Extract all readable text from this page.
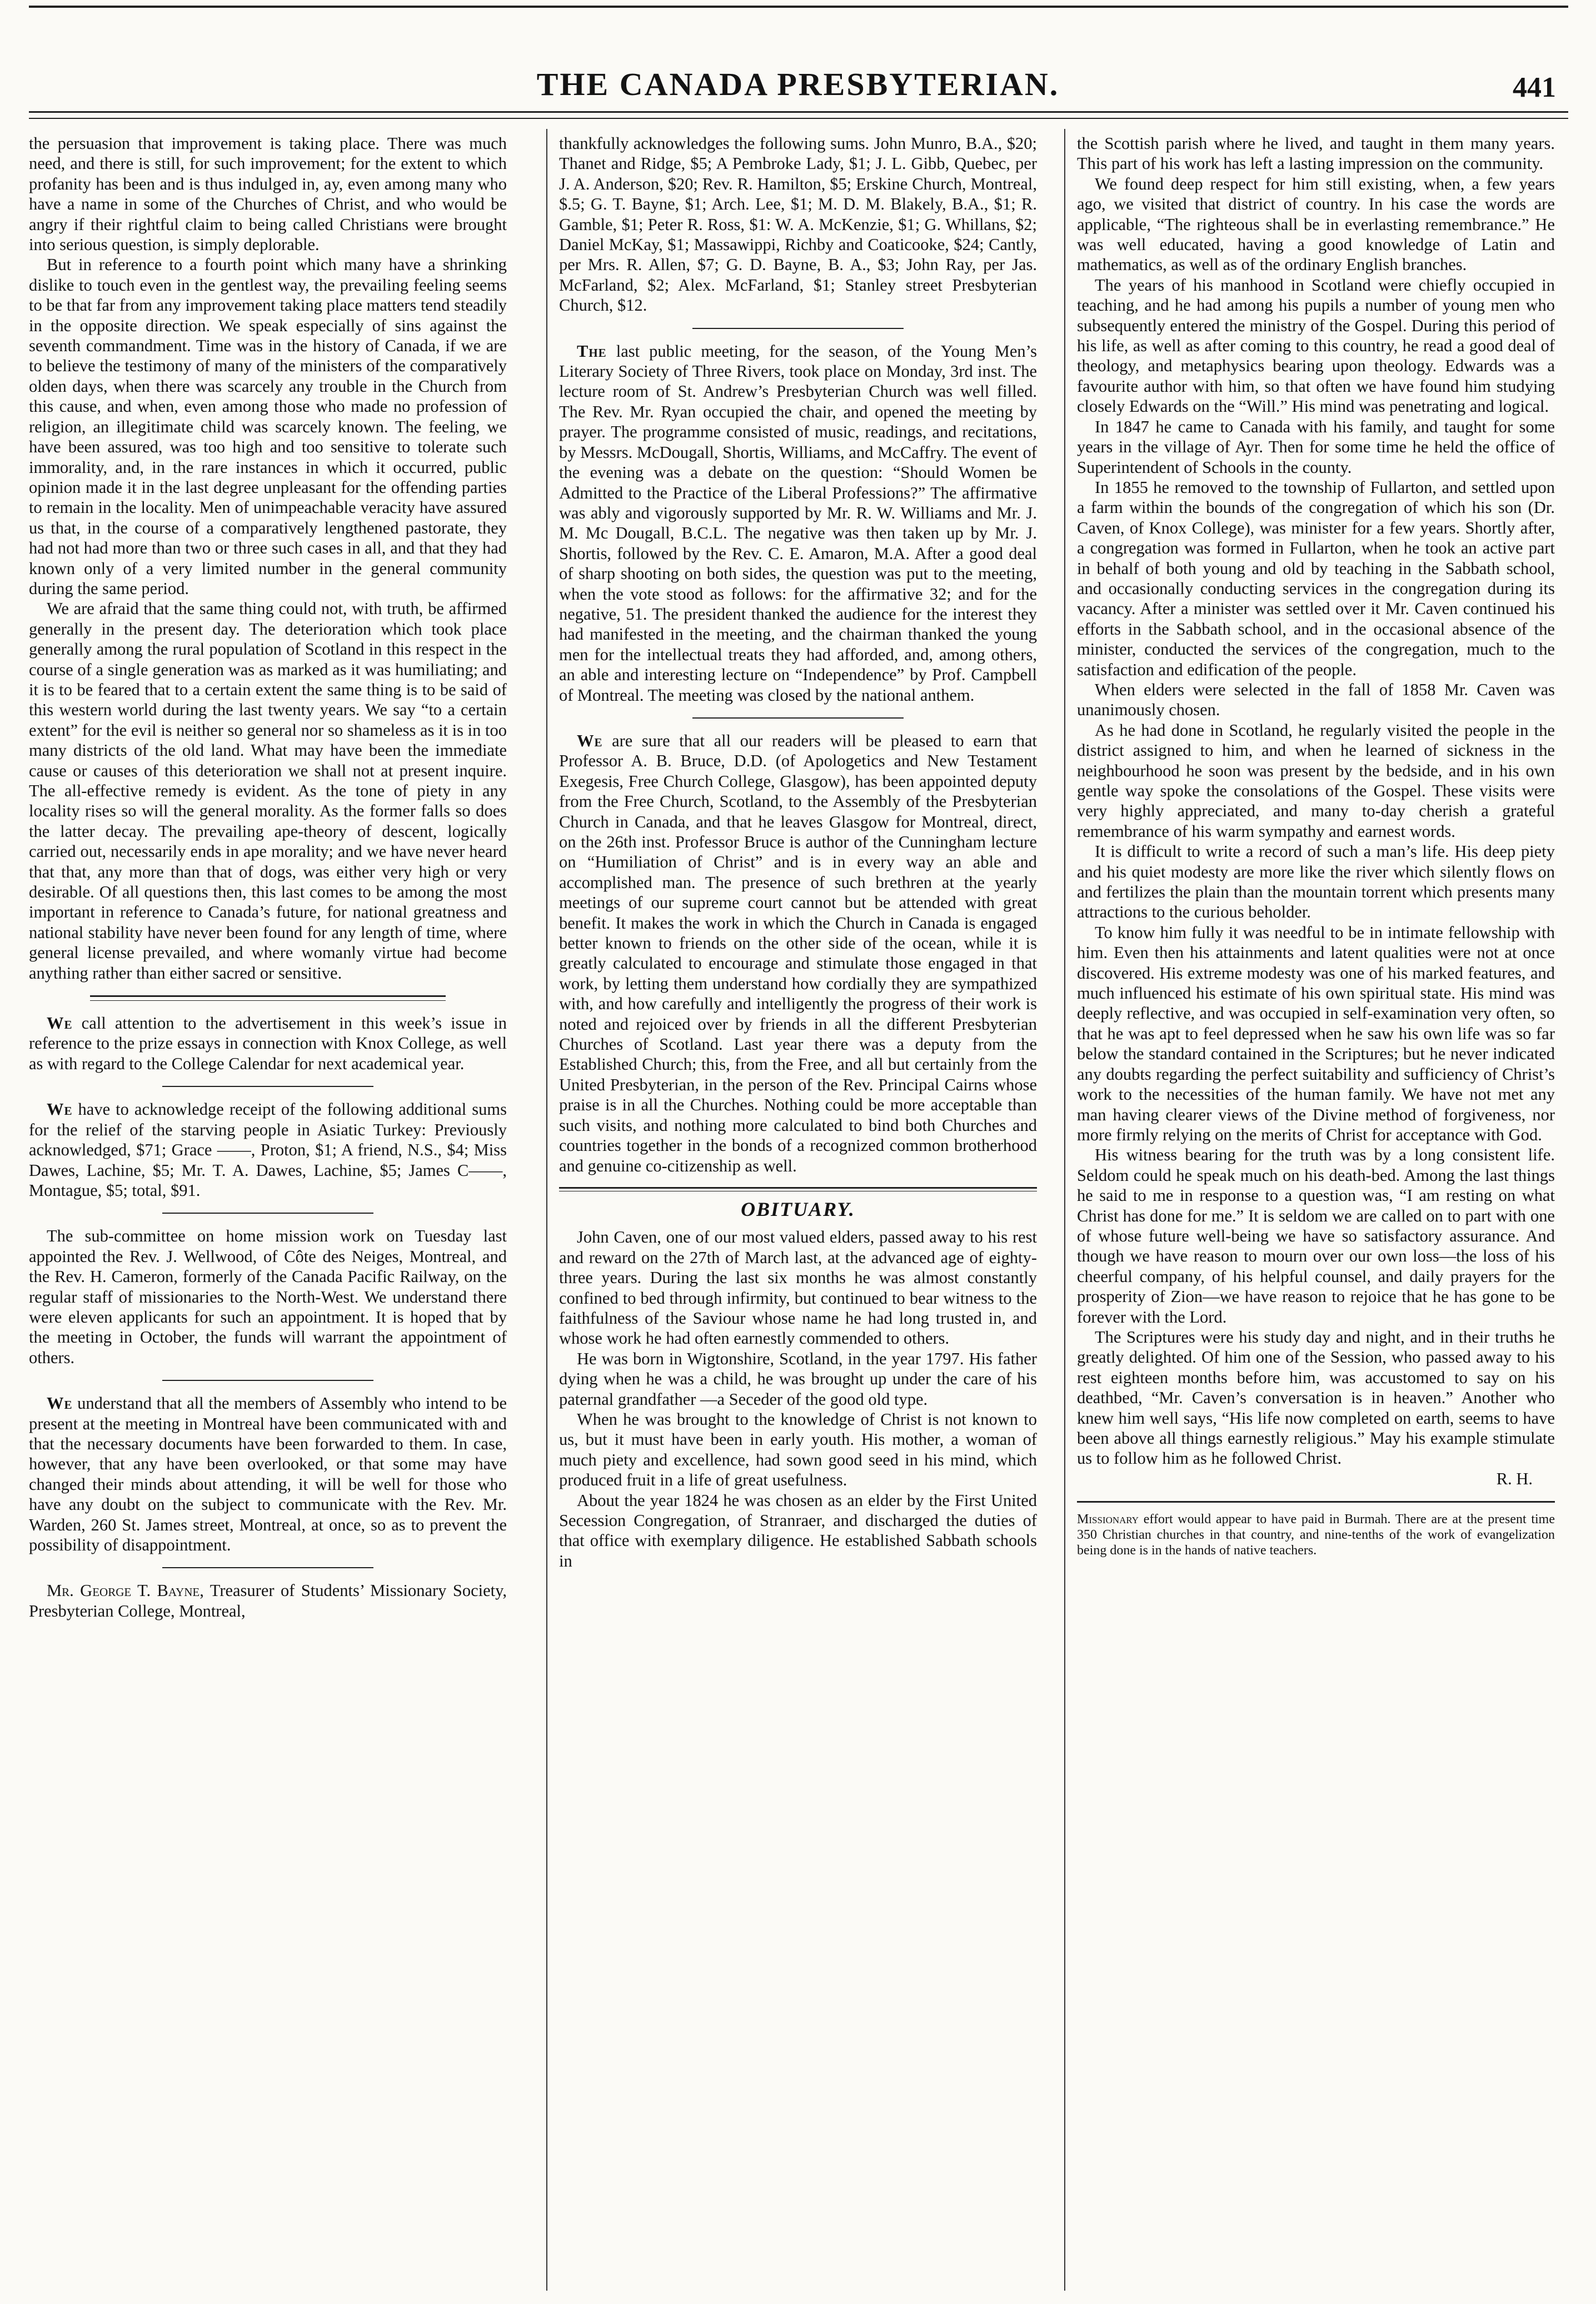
THE CANADA PRESBYTERIAN.	441

the persuasion that improvement is taking place. There was much need, and there is still, for such improvement; for the extent to which profanity has been and is thus indulged in, ay, even among many who have a name in some of the Churches of Christ, and who would be angry if their rightful claim to being called Christians were brought into serious question, is simply deplorable.

But in reference to a fourth point which many have a shrinking dislike to touch even in the gentlest way, the prevailing feeling seems to be that far from any improvement taking place matters tend steadily in the opposite direction. We speak especially of sins against the seventh commandment. Time was in the history of Canada, if we are to believe the testimony of many of the ministers of the comparatively olden days, when there was scarcely any trouble in the Church from this cause, and when, even among those who made no profession of religion, an illegitimate child was scarcely known. The feeling, we have been assured, was too high and too sensitive to tolerate such immorality, and, in the rare instances in which it occurred, public opinion made it in the last degree unpleasant for the offending parties to remain in the locality. Men of unimpeachable veracity have assured us that, in the course of a comparatively lengthened pastorate, they had not had more than two or three such cases in all, and that they had known only of a very limited number in the general community during the same period.

We are afraid that the same thing could not, with truth, be affirmed generally in the present day. The deterioration which took place generally among the rural population of Scotland in this respect in the course of a single generation was as marked as it was humiliating; and it is to be feared that to a certain extent the same thing is to be said of this western world during the last twenty years. We say “to a certain extent” for the evil is neither so general nor so shameless as it is in too many districts of the old land. What may have been the immediate cause or causes of this deterioration we shall not at present inquire. The all-effective remedy is evident. As the tone of piety in any locality rises so will the general morality. As the former falls so does the latter decay. The prevailing ape-theory of descent, logically carried out, necessarily ends in ape morality; and we have never heard that that, any more than that of dogs, was either very high or very desirable. Of all questions then, this last comes to be among the most important in reference to Canada’s future, for national greatness and national stability have never been found for any length of time, where general license prevailed, and where womanly virtue had become anything rather than either sacred or sensitive.

We call attention to the advertisement in this week’s issue in reference to the prize essays in connection with Knox College, as well as with regard to the College Calendar for next academical year.

We have to acknowledge receipt of the following additional sums for the relief of the starving people in Asiatic Turkey: Previously acknowledged, $71; Grace ——, Proton, $1; A friend, N.S., $4; Miss Dawes, Lachine, $5; Mr. T. A. Dawes, Lachine, $5; James C——, Montague, $5; total, $91.

The sub-committee on home mission work on Tuesday last appointed the Rev. J. Wellwood, of Côte des Neiges, Montreal, and the Rev. H. Cameron, formerly of the Canada Pacific Railway, on the regular staff of missionaries to the North-West. We understand there were eleven applicants for such an appointment. It is hoped that by the meeting in October, the funds will warrant the appointment of others.

We understand that all the members of Assembly who intend to be present at the meeting in Montreal have been communicated with and that the necessary documents have been forwarded to them. In case, however, that any have been overlooked, or that some may have changed their minds about attending, it will be well for those who have any doubt on the subject to communicate with the Rev. Mr. Warden, 260 St. James street, Montreal, at once, so as to prevent the possibility of disappointment.

Mr. George T. Bayne, Treasurer of Students’ Missionary Society, Presbyterian College, Montreal,

thankfully acknowledges the following sums. John Munro, B.A., $20; Thanet and Ridge, $5; A Pembroke Lady, $1; J. L. Gibb, Quebec, per J. A. Anderson, $20; Rev. R. Hamilton, $5; Erskine Church, Montreal, $.5; G. T. Bayne, $1; Arch. Lee, $1; M. D. M. Blakely, B.A., $1; R. Gamble, $1; Peter R. Ross, $1: W. A. McKenzie, $1; G. Whillans, $2; Daniel McKay, $1; Massawippi, Richby and Coaticooke, $24; Cantly, per Mrs. R. Allen, $7; G. D. Bayne, B. A., $3; John Ray, per Jas. McFarland, $2; Alex. McFarland, $1; Stanley street Presbyterian Church, $12.

The last public meeting, for the season, of the Young Men’s Literary Society of Three Rivers, took place on Monday, 3rd inst. The lecture room of St. Andrew’s Presbyterian Church was well filled. The Rev. Mr. Ryan occupied the chair, and opened the meeting by prayer. The programme consisted of music, readings, and recitations, by Messrs. McDougall, Shortis, Williams, and McCaffry. The event of the evening was a debate on the question: “Should Women be Admitted to the Practice of the Liberal Professions?” The affirmative was ably and vigorously supported by Mr. R. W. Williams and Mr. J. M. Mc Dougall, B.C.L. The negative was then taken up by Mr. J. Shortis, followed by the Rev. C. E. Amaron, M.A. After a good deal of sharp shooting on both sides, the question was put to the meeting, when the vote stood as follows: for the affirmative 32; and for the negative, 51. The president thanked the audience for the interest they had manifested in the meeting, and the chairman thanked the young men for the intellectual treats they had afforded, and, among others, an able and interesting lecture on “Independence” by Prof. Campbell of Montreal. The meeting was closed by the national anthem.

We are sure that all our readers will be pleased to earn that Professor A. B. Bruce, D.D. (of Apologetics and New Testament Exegesis, Free Church College, Glasgow), has been appointed deputy from the Free Church, Scotland, to the Assembly of the Presbyterian Church in Canada, and that he leaves Glasgow for Montreal, direct, on the 26th inst. Professor Bruce is author of the Cunningham lecture on “Humiliation of Christ” and is in every way an able and accomplished man. The presence of such brethren at the yearly meetings of our supreme court cannot but be attended with great benefit. It makes the work in which the Church in Canada is engaged better known to friends on the other side of the ocean, while it is greatly calculated to encourage and stimulate those engaged in that work, by letting them understand how cordially they are sympathized with, and how carefully and intelligently the progress of their work is noted and rejoiced over by friends in all the different Presbyterian Churches of Scotland. Last year there was a deputy from the Established Church; this, from the Free, and all but certainly from the United Presbyterian, in the person of the Rev. Principal Cairns whose praise is in all the Churches. Nothing could be more acceptable than such visits, and nothing more calculated to bind both Churches and countries together in the bonds of a recognized common brotherhood and genuine co-citizenship as well.

OBITUARY.

John Caven, one of our most valued elders, passed away to his rest and reward on the 27th of March last, at the advanced age of eighty-three years. During the last six months he was almost constantly confined to bed through infirmity, but continued to bear witness to the faithfulness of the Saviour whose name he had long trusted in, and whose work he had often earnestly commended to others.

He was born in Wigtonshire, Scotland, in the year 1797. His father dying when he was a child, he was brought up under the care of his paternal grandfather —a Seceder of the good old type.

When he was brought to the knowledge of Christ is not known to us, but it must have been in early youth. His mother, a woman of much piety and excellence, had sown good seed in his mind, which produced fruit in a life of great usefulness.

About the year 1824 he was chosen as an elder by the First United Secession Congregation, of Stranraer, and discharged the duties of that office with exemplary diligence. He established Sabbath schools in

the Scottish parish where he lived, and taught in them many years. This part of his work has left a lasting impression on the community.

We found deep respect for him still existing, when, a few years ago, we visited that district of country. In his case the words are applicable, “The righteous shall be in everlasting remembrance.” He was well educated, having a good knowledge of Latin and mathematics, as well as of the ordinary English branches.

The years of his manhood in Scotland were chiefly occupied in teaching, and he had among his pupils a number of young men who subsequently entered the ministry of the Gospel. During this period of his life, as well as after coming to this country, he read a good deal of theology, and metaphysics bearing upon theology. Edwards was a favourite author with him, so that often we have found him studying closely Edwards on the “Will.” His mind was penetrating and logical.

In 1847 he came to Canada with his family, and taught for some years in the village of Ayr. Then for some time he held the office of Superintendent of Schools in the county.

In 1855 he removed to the township of Fullarton, and settled upon a farm within the bounds of the congregation of which his son (Dr. Caven, of Knox College), was minister for a few years. Shortly after, a congregation was formed in Fullarton, when he took an active part in behalf of both young and old by teaching in the Sabbath school, and occasionally conducting services in the congregation during its vacancy. After a minister was settled over it Mr. Caven continued his efforts in the Sabbath school, and in the occasional absence of the minister, conducted the services of the congregation, much to the satisfaction and edification of the people.

When elders were selected in the fall of 1858 Mr. Caven was unanimously chosen.

As he had done in Scotland, he regularly visited the people in the district assigned to him, and when he learned of sickness in the neighbourhood he soon was present by the bedside, and in his own gentle way spoke the consolations of the Gospel. These visits were very highly appreciated, and many to-day cherish a grateful remembrance of his warm sympathy and earnest words.

It is difficult to write a record of such a man’s life. His deep piety and his quiet modesty are more like the river which silently flows on and fertilizes the plain than the mountain torrent which presents many attractions to the curious beholder.

To know him fully it was needful to be in intimate fellowship with him. Even then his attainments and latent qualities were not at once discovered. His extreme modesty was one of his marked features, and much influenced his estimate of his own spiritual state. His mind was deeply reflective, and was occupied in self-examination very often, so that he was apt to feel depressed when he saw his own life was so far below the standard contained in the Scriptures; but he never indicated any doubts regarding the perfect suitability and sufficiency of Christ’s work to the necessities of the human family. We have not met any man having clearer views of the Divine method of forgiveness, nor more firmly relying on the merits of Christ for acceptance with God.

His witness bearing for the truth was by a long consistent life. Seldom could he speak much on his death-bed. Among the last things he said to me in response to a question was, “I am resting on what Christ has done for me.” It is seldom we are called on to part with one of whose future well-being we have so satisfactory assurance. And though we have reason to mourn over our own loss—the loss of his cheerful company, of his helpful counsel, and daily prayers for the prosperity of Zion—we have reason to rejoice that he has gone to be forever with the Lord.

The Scriptures were his study day and night, and in their truths he greatly delighted. Of him one of the Session, who passed away to his rest eighteen months before him, was accustomed to say on his deathbed, “Mr. Caven’s conversation is in heaven.” Another who knew him well says, “His life now completed on earth, seems to have been above all things earnestly religious.” May his example stimulate us to follow him as he followed Christ.

R. H.

Missionary effort would appear to have paid in Burmah. There are at the present time 350 Christian churches in that country, and nine-tenths of the work of evangelization being done is in the hands of native teachers.
